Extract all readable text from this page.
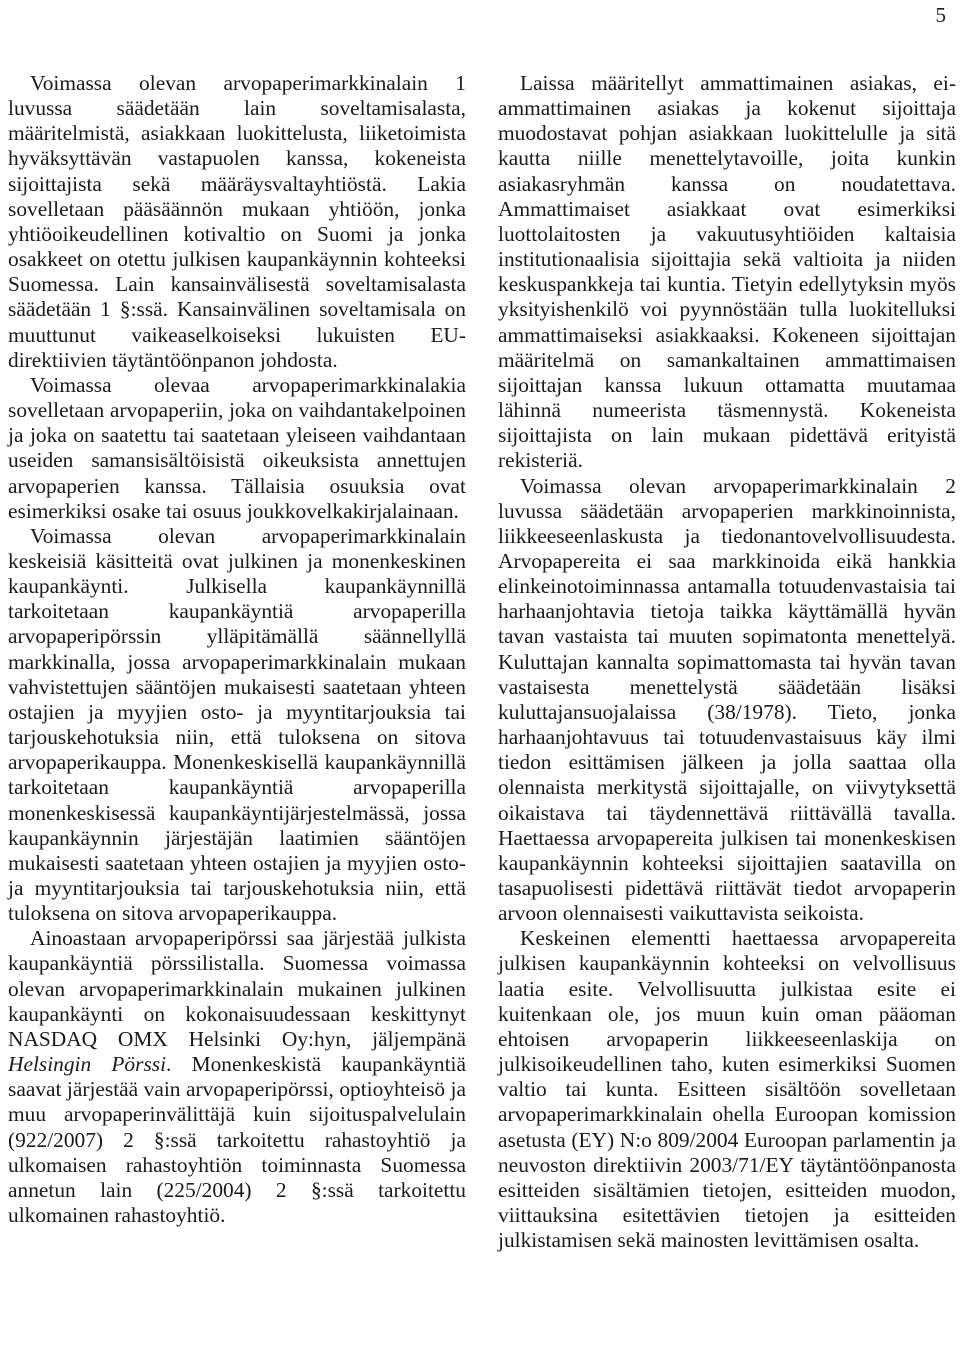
5

Voimassa olevan arvopaperimarkkinalain 1 luvussa säädetään lain soveltamisalasta, määritelmistä, asiakkaan luokittelusta, liiketoimista hyväksyttävän vastapuolen kanssa, kokeneista sijoittajista sekä määräysvaltayhtiöstä. Lakia sovelletaan pääsäännön mukaan yhtiöön, jonka yhtiöoikeudellinen kotivaltio on Suomi ja jonka osakkeet on otettu julkisen kaupankäynnin kohteeksi Suomessa. Lain kansainvälisestä soveltamisalasta säädetään 1 §:ssä. Kansainvälinen soveltamisala on muuttunut vaikeaselkoiseksi lukuisten EU-direktiivien täytäntöönpanon johdosta.

Voimassa olevaa arvopaperimarkkinalakia sovelletaan arvopaperiin, joka on vaihdantakelpoinen ja joka on saatettu tai saatetaan yleiseen vaihdantaan useiden samansisältöisistä oikeuksista annettujen arvopaperien kanssa. Tällaisia osuuksia ovat esimerkiksi osake tai osuus joukkovelkakirjalainaan.

Voimassa olevan arvopaperimarkkinalain keskeisiä käsitteitä ovat julkinen ja monenkeskinen kaupankäynti. Julkisella kaupankäynnillä tarkoitetaan kaupankäyntiä arvopaperilla arvopaperipörssin ylläpitämällä säännellyllä markkinalla, jossa arvopaperimarkkinalain mukaan vahvistettujen sääntöjen mukaisesti saatetaan yhteen ostajien ja myyjien osto- ja myyntitarjouksia tai tarjouskehotuksia niin, että tuloksena on sitova arvopaperikauppa. Monenkeskisellä kaupankäynnillä tarkoitetaan kaupankäyntiä arvopaperilla monenkeskisessä kaupankäyntijärjestelmässä, jossa kaupankäynnin järjestäjän laatimien sääntöjen mukaisesti saatetaan yhteen ostajien ja myyjien osto- ja myyntitarjouksia tai tarjouskehotuksia niin, että tuloksena on sitova arvopaperikauppa.

Ainoastaan arvopaperipörssi saa järjestää julkista kaupankäyntiä pörssilistalla. Suomessa voimassa olevan arvopaperimarkkinalain mukainen julkinen kaupankäynti on kokonaisuudessaan keskittynyt NASDAQ OMX Helsinki Oy:hyn, jäljempänä Helsingin Pörssi. Monenkeskistä kaupankäyntiä saavat järjestää vain arvopaperipörssi, optioyhteisö ja muu arvopaperinvälittäjä kuin sijoituspalvelulain (922/2007) 2 §:ssä tarkoitettu rahastoyhtiö ja ulkomaisen rahastoyhtiön toiminnasta Suomessa annetun lain (225/2004) 2 §:ssä tarkoitettu ulkomainen rahastoyhtiö.

Laissa määritellyt ammattimainen asiakas, ei-ammattimainen asiakas ja kokenut sijoittaja muodostavat pohjan asiakkaan luokittelulle ja sitä kautta niille menettelytavoille, joita kunkin asiakasryhmän kanssa on noudatettava. Ammattimaiset asiakkaat ovat esimerkiksi luottolaitosten ja vakuutusyhtiöiden kaltaisia institutionaalisia sijoittajia sekä valtioita ja niiden keskuspankkeja tai kuntia. Tietyin edellytyksin myös yksityishenkilö voi pyynnöstään tulla luokitelluksi ammattimaiseksi asiakkaaksi. Kokeneen sijoittajan määritelmä on samankaltainen ammattimaisen sijoittajan kanssa lukuun ottamatta muutamaa lähinnä numeerista täsmennystä. Kokeneista sijoittajista on lain mukaan pidettävä erityistä rekisteriä.

Voimassa olevan arvopaperimarkkinalain 2 luvussa säädetään arvopaperien markkinoinnista, liikkeeseenlaskusta ja tiedonantovelvollisuudesta. Arvopapereita ei saa markkinoida eikä hankkia elinkeinotoiminnassa antamalla totuudenvastaisia tai harhaanjohtavia tietoja taikka käyttämällä hyvän tavan vastaista tai muuten sopimatonta menettelyä. Kuluttajan kannalta sopimattomasta tai hyvän tavan vastaisesta menettelystä säädetään lisäksi kuluttajansuojalaissa (38/1978). Tieto, jonka harhaanjohtavuus tai totuudenvastaisuus käy ilmi tiedon esittämisen jälkeen ja jolla saattaa olla olennaista merkitystä sijoittajalle, on viivytyksettä oikaistava tai täydennettävä riittävällä tavalla. Haettaessa arvopapereita julkisen tai monenkeskisen kaupankäynnin kohteeksi sijoittajien saatavilla on tasapuolisesti pidettävä riittävät tiedot arvopaperin arvoon olennaisesti vaikuttavista seikoista.

Keskeinen elementti haettaessa arvopapereita julkisen kaupankäynnin kohteeksi on velvollisuus laatia esite. Velvollisuutta julkistaa esite ei kuitenkaan ole, jos muun kuin oman pääoman ehtoisen arvopaperin liikkeeseenlaskija on julkisoikeudellinen taho, kuten esimerkiksi Suomen valtio tai kunta. Esitteen sisältöön sovelletaan arvopaperimarkkinalain ohella Euroopan komission asetusta (EY) N:o 809/2004 Euroopan parlamentin ja neuvoston direktiivin 2003/71/EY täytäntöönpanosta esitteiden sisältämien tietojen, esitteiden muodon, viittauksina esitettävien tietojen ja esitteiden julkistamisen sekä mainosten levittämisen osalta.
